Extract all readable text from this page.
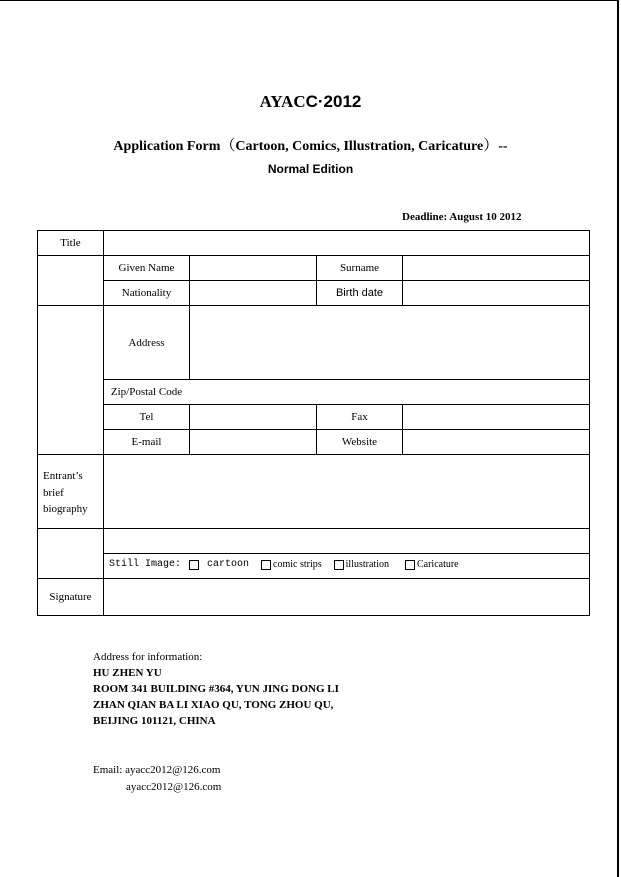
AYACC·2012
Application Form（Cartoon, Comics, Illustration, Caricature）--
Normal Edition
Deadline: August 10 2012
Title
Given Name	Surname
Nationality	Birth date
Address
Zip/Postal Code
Tel	Fax
E-mail	Website
Entrant’s
brief
biography
Still Image:	cartoon comic strips illustration	Caricature
Signature
Address for information:
HU ZHEN YU
ROOM 341 BUILDING #364, YUN JING DONG LI
ZHAN QIAN BA LI XIAO QU, TONG ZHOU QU,
BEIJING 101121, CHINA
Email: ayacc2012@126.com
ayacc2012@126.com
